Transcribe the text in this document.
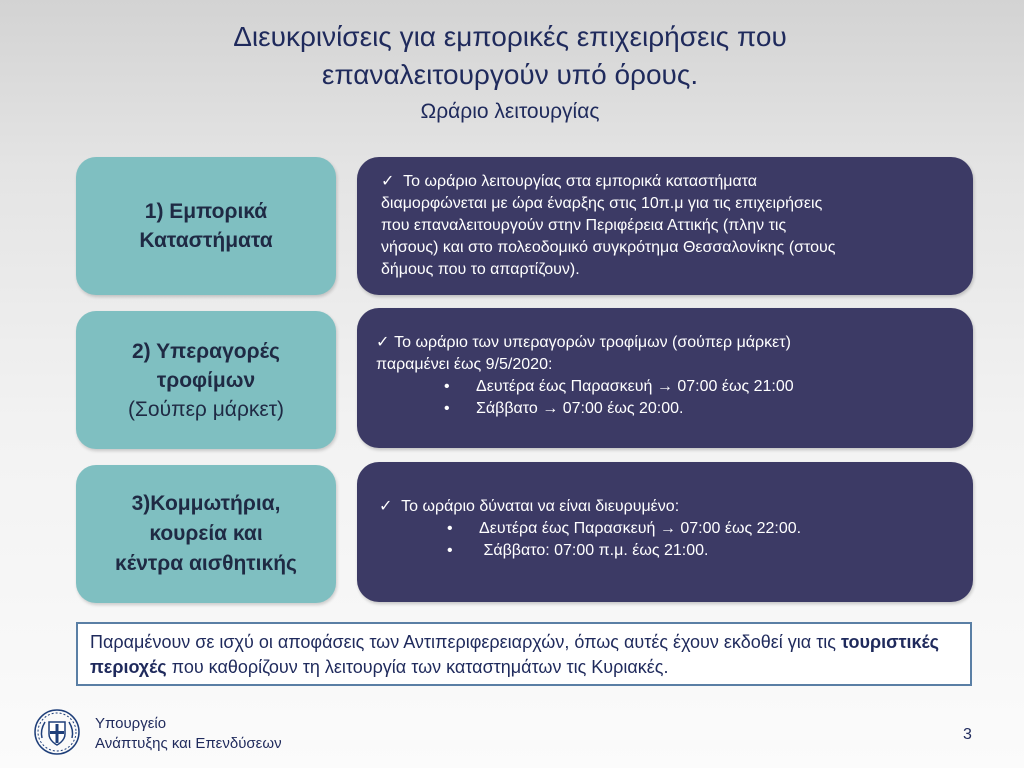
Διευκρινίσεις για εμπορικές επιχειρήσεις που
επαναλειτουργούν υπό όρους.
Ωράριο λειτουργίας
1) Εμπορικά
Καταστήματα
✓ Το ωράριο λειτουργίας στα εμπορικά καταστήματα
διαμορφώνεται με ώρα έναρξης στις 10π.μ για τις επιχειρήσεις
που επαναλειτουργούν στην Περιφέρεια Αττικής (πλην τις
νήσους) και στο πολεοδομικό συγκρότημα Θεσσαλονίκης (στους
δήμους που το απαρτίζουν).
2) Υπεραγορές
τροφίμων
(Σούπερ μάρκετ)
✓ Το ωράριο των υπεραγορών τροφίμων (σούπερ μάρκετ)
παραμένει έως 9/5/2020:
• Δευτέρα έως Παρασκευή → 07:00 έως 21:00
• Σάββατο → 07:00 έως 20:00.
3)Κομμωτήρια,
κουρεία και
κέντρα αισθητικής
✓ Το ωράριο δύναται να είναι διευρυμένο:
• Δευτέρα έως Παρασκευή → 07:00 έως 22:00.
• Σάββατο: 07:00 π.μ. έως 21:00.
Παραμένουν σε ισχύ οι αποφάσεις των Αντιπεριφερειαρχών, όπως αυτές έχουν εκδοθεί για τις τουριστικές περιοχές που καθορίζουν τη λειτουργία των καταστημάτων τις Κυριακές.
Υπουργείο
Ανάπτυξης και Επενδύσεων
3
